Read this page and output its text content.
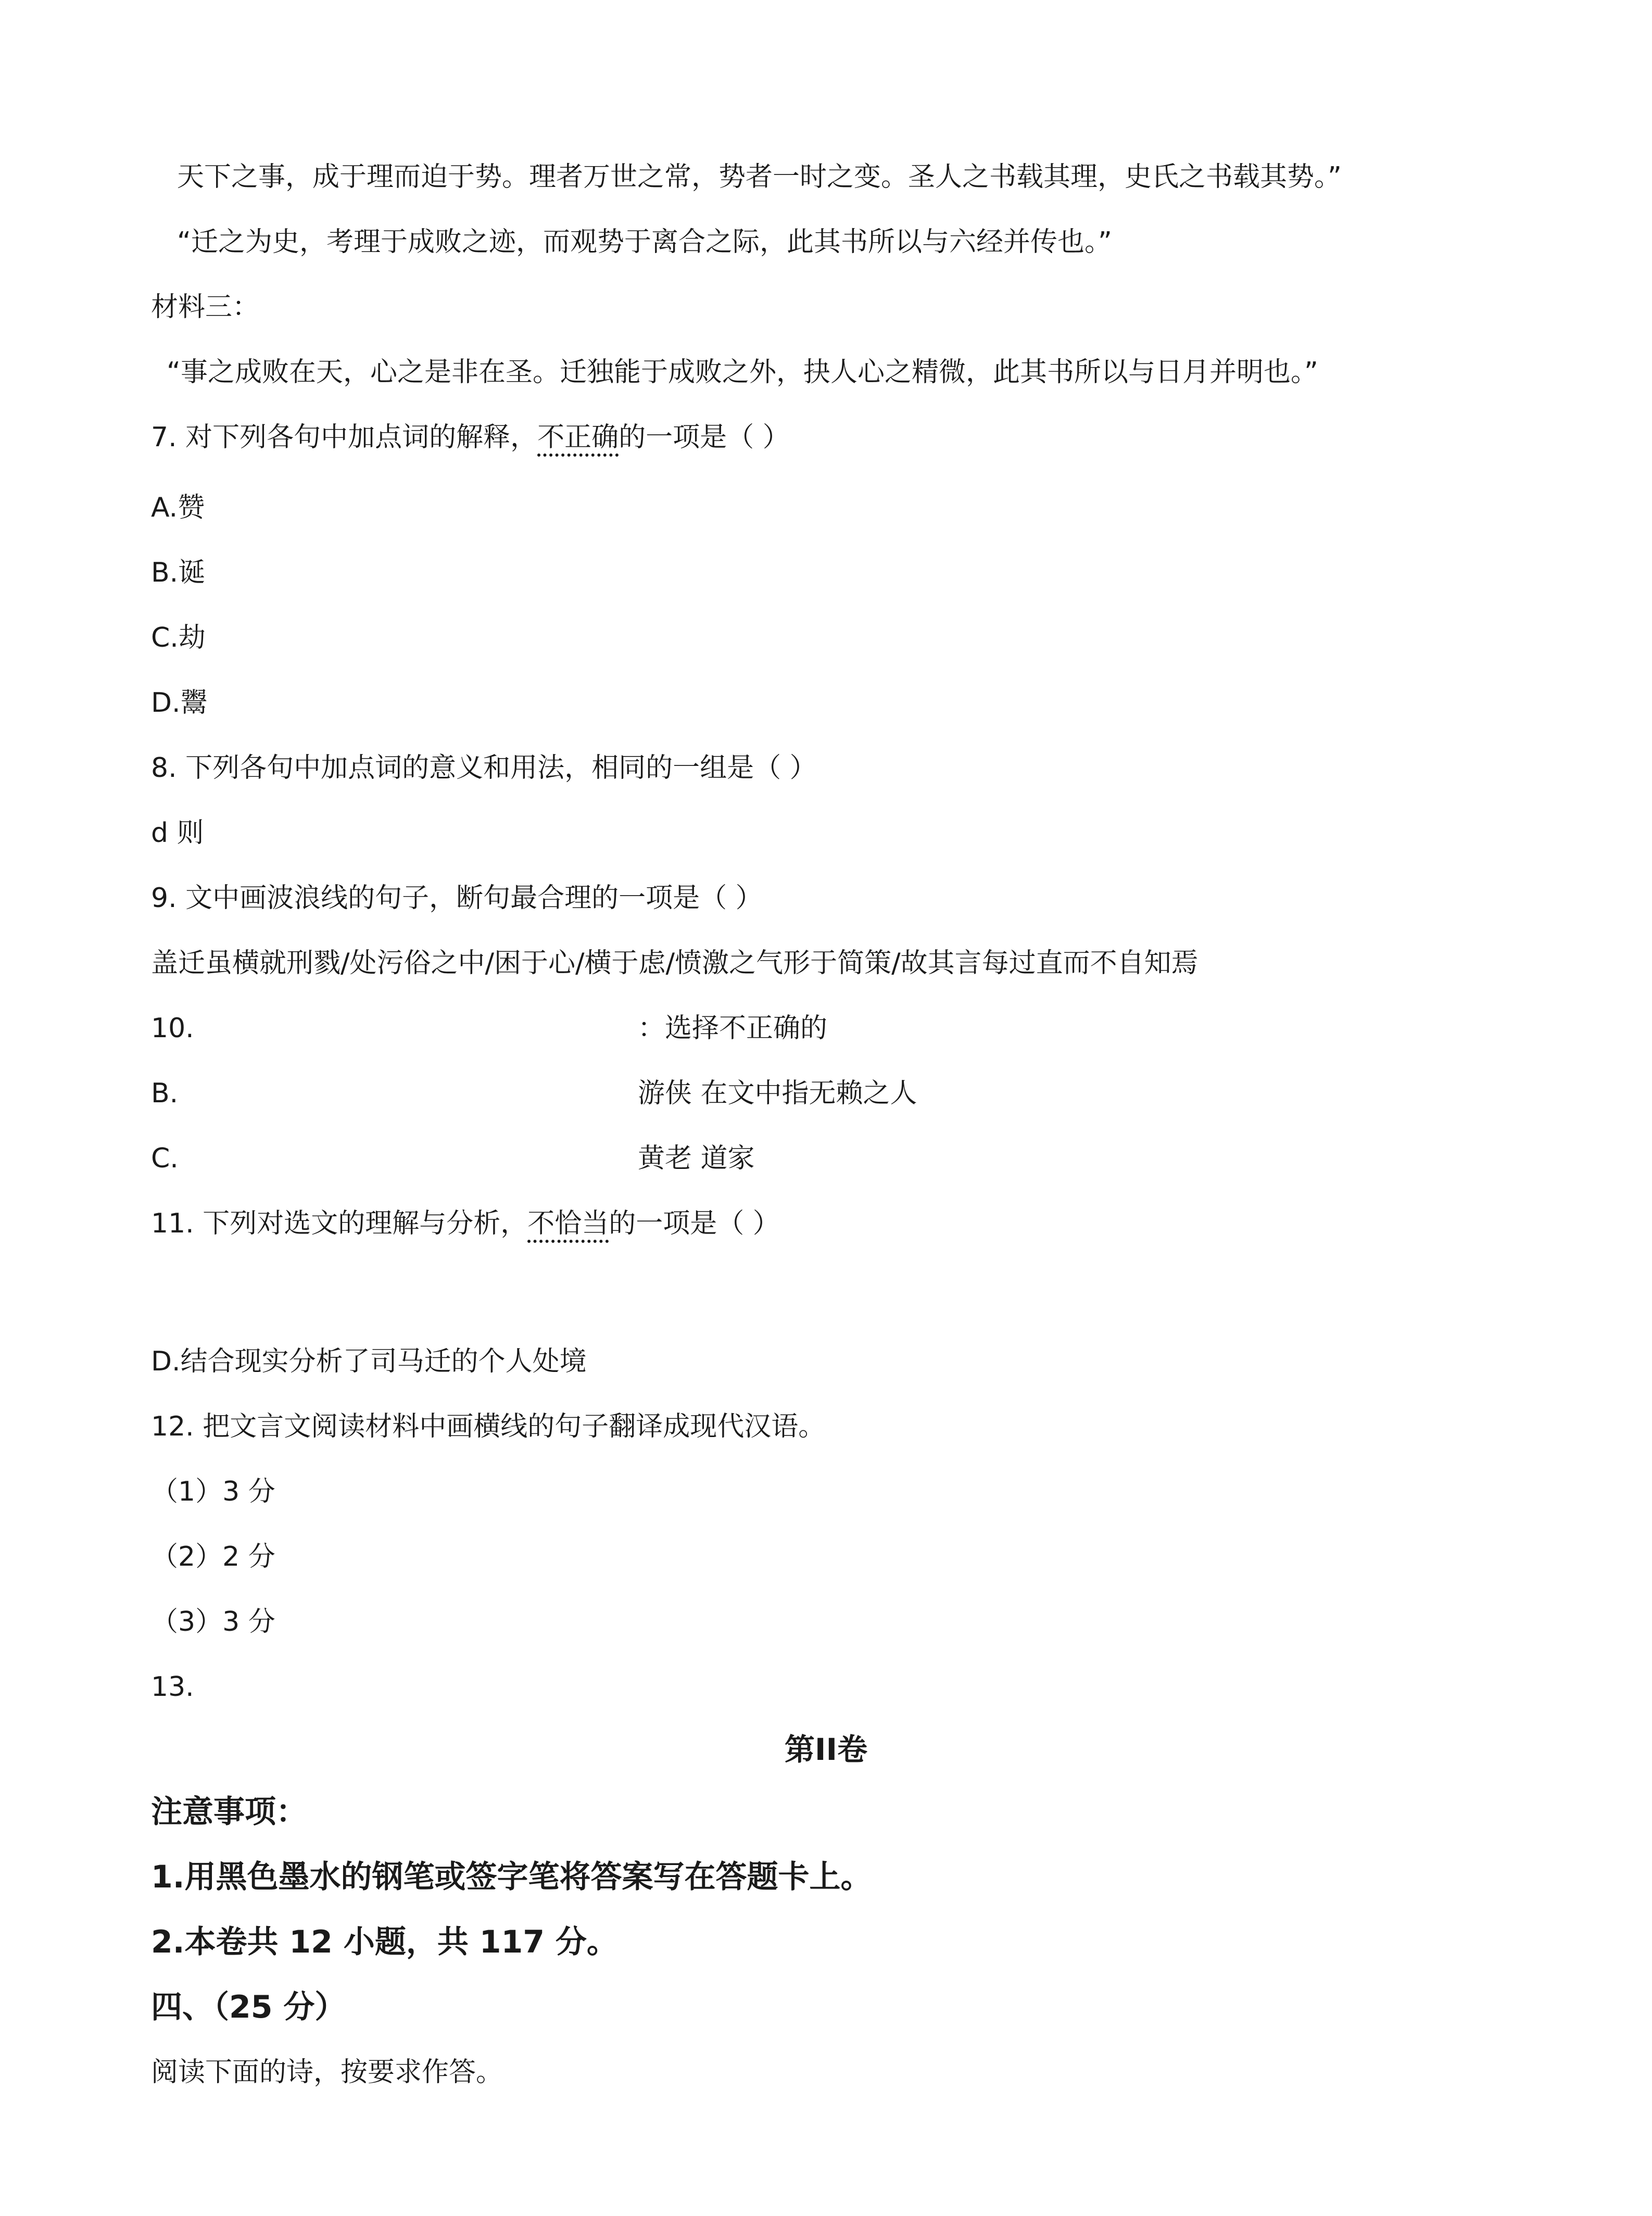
天下之事，成于理而迫于势。理者万世之常，势者一时之变。圣人之书载其理，史氏之书载其势。”
“迁之为史，考理于成败之迹，而观势于离合之际，此其书所以与六经并传也。”
材料三：
“事之成败在天，心之是非在圣。迁独能于成败之外，抉人心之精微，此其书所以与日月并明也。”
7. 对下列各句中加点词的解释，不正确的一项是（ ）
A.赞
B.诞
C.劫
D.鬻
8. 下列各句中加点词的意义和用法，相同的一组是（ ）
d 则
9. 文中画波浪线的句子，断句最合理的一项是（ ）
盖迁虽横就刑戮/处污俗之中/困于心/横于虑/愤激之气形于简策/故其言每过直而不自知焉
10.	：选择不正确的
B.	游侠 在文中指无赖之人
C.	黄老 道家
11. 下列对选文的理解与分析，不恰当的一项是（ ）
D.结合现实分析了司马迁的个人处境
12. 把文言文阅读材料中画横线的句子翻译成现代汉语。
（1）3 分
（2）2 分
（3）3 分
13.
第II卷
注意事项：
1.用黑色墨水的钢笔或签字笔将答案写在答题卡上。
2.本卷共 12 小题，共 117 分。
四、（25 分）
阅读下面的诗，按要求作答。
